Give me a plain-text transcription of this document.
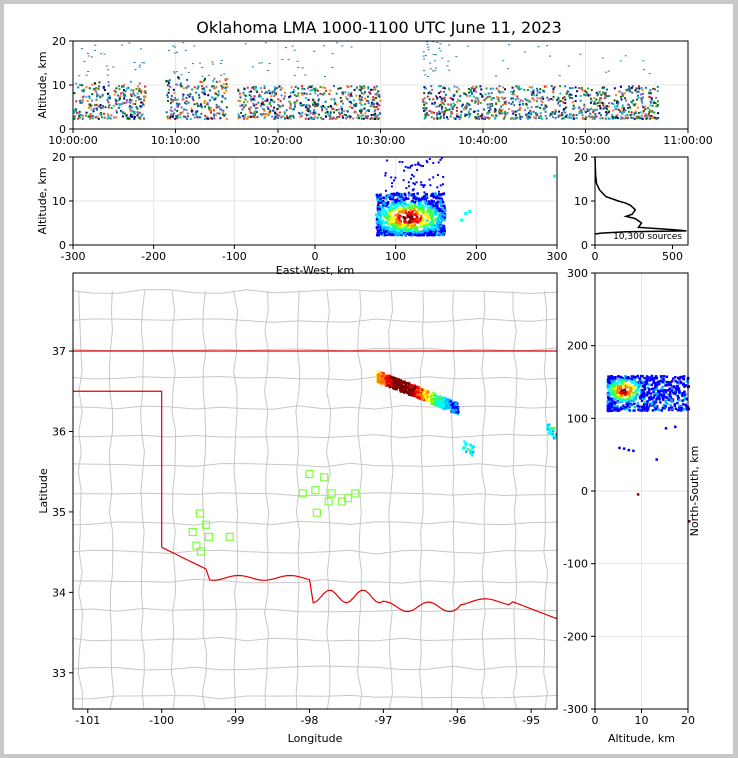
Oklahoma LMA 1000-1100 UTC June 11, 2023
10:00:00	10:10:00	10:20:00	10:30:00	10:40:00	10:50:00	11:00:00
0
10
20
Altitude, km
-300	-200	-100	0	100	200	300
0
10
20
East-West, km
Altitude, km
10,300 sources
0	500
0
10
20
-101	-100	-99	-98	-97	-96	-95
33
34
35
36
37
Longitude
Latitude
0	10	20
-300
-200
-100
0
100
200
300
Altitude, km
North-South, km
